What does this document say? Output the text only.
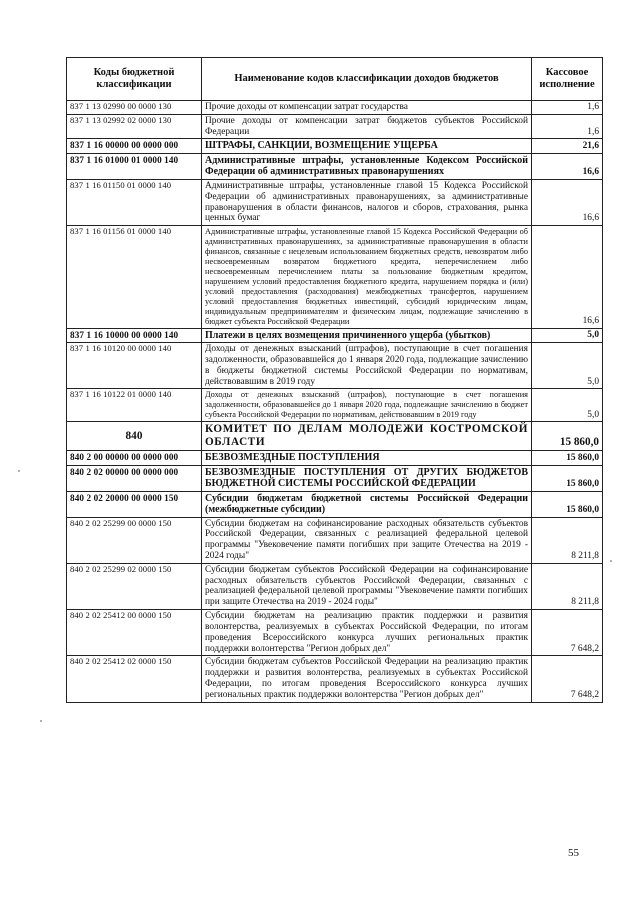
Коды бюджетной классификации	Наименование кодов классификации доходов бюджетов	Кассовое исполнение
837 1 13 02990 00 0000 130	Прочие доходы от компенсации затрат государства	1,6
837 1 13 02992 02 0000 130	Прочие доходы от компенсации затрат бюджетов субъектов Российской Федерации	1,6
837 1 16 00000 00 0000 000	ШТРАФЫ, САНКЦИИ, ВОЗМЕЩЕНИЕ УЩЕРБА	21,6
837 1 16 01000 01 0000 140	Административные штрафы, установленные Кодексом Российской Федерации об административных правонарушениях	16,6
837 1 16 01150 01 0000 140	Административные штрафы, установленные главой 15 Кодекса Российской Федерации об административных правонарушениях, за административные правонарушения в области финансов, налогов и сборов, страхования, рынка ценных бумаг	16,6
837 1 16 01156 01 0000 140	Административные штрафы, установленные главой 15 Кодекса Российской Федерации об административных правонарушениях, за административные правонарушения в области финансов, связанные с нецелевым использованием бюджетных средств, невозвратом либо несвоевременным возвратом бюджетного кредита, неперечислением либо несвоевременным перечислением платы за пользование бюджетным кредитом, нарушением условий предоставления бюджетного кредита, нарушением порядка и (или) условий предоставления (расходования) межбюджетных трансфертов, нарушением условий предоставления бюджетных инвестиций, субсидий юридическим лицам, индивидуальным предпринимателям и физическим лицам, подлежащие зачислению в бюджет субъекта Российской Федерации	16,6
837 1 16 10000 00 0000 140	Платежи в целях возмещения причиненного ущерба (убытков)	5,0
837 1 16 10120 00 0000 140	Доходы от денежных взысканий (штрафов), поступающие в счет погашения задолженности, образовавшейся до 1 января 2020 года, подлежащие зачислению в бюджеты бюджетной системы Российской Федерации по нормативам, действовавшим в 2019 году	5,0
837 1 16 10122 01 0000 140	Доходы от денежных взысканий (штрафов), поступающие в счет погашения задолженности, образовавшейся до 1 января 2020 года, подлежащие зачислению в бюджет субъекта Российской Федерации по нормативам, действовавшим в 2019 году	5,0
840	КОМИТЕТ ПО ДЕЛАМ МОЛОДЕЖИ КОСТРОМСКОЙ ОБЛАСТИ	15 860,0
840 2 00 00000 00 0000 000	БЕЗВОЗМЕЗДНЫЕ ПОСТУПЛЕНИЯ	15 860,0
840 2 02 00000 00 0000 000	БЕЗВОЗМЕЗДНЫЕ ПОСТУПЛЕНИЯ ОТ ДРУГИХ БЮДЖЕТОВ БЮДЖЕТНОЙ СИСТЕМЫ РОССИЙСКОЙ ФЕДЕРАЦИИ	15 860,0
840 2 02 20000 00 0000 150	Субсидии бюджетам бюджетной системы Российской Федерации (межбюджетные субсидии)	15 860,0
840 2 02 25299 00 0000 150	Субсидии бюджетам на софинансирование расходных обязательств субъектов Российской Федерации, связанных с реализацией федеральной целевой программы "Увековечение памяти погибших при защите Отечества на 2019 - 2024 годы"	8 211,8
840 2 02 25299 02 0000 150	Субсидии бюджетам субъектов Российской Федерации на софинансирование расходных обязательств субъектов Российской Федерации, связанных с реализацией федеральной целевой программы "Увековечение памяти погибших при защите Отечества на 2019 - 2024 годы"	8 211,8
840 2 02 25412 00 0000 150	Субсидии бюджетам на реализацию практик поддержки и развития волонтерства, реализуемых в субъектах Российской Федерации, по итогам проведения Всероссийского конкурса лучших региональных практик поддержки волонтерства "Регион добрых дел"	7 648,2
840 2 02 25412 02 0000 150	Субсидии бюджетам субъектов Российской Федерации на реализацию практик поддержки и развития волонтерства, реализуемых в субъектах Российской Федерации, по итогам проведения Всероссийского конкурса лучших региональных практик поддержки волонтерства "Регион добрых дел"	7 648,2
55
